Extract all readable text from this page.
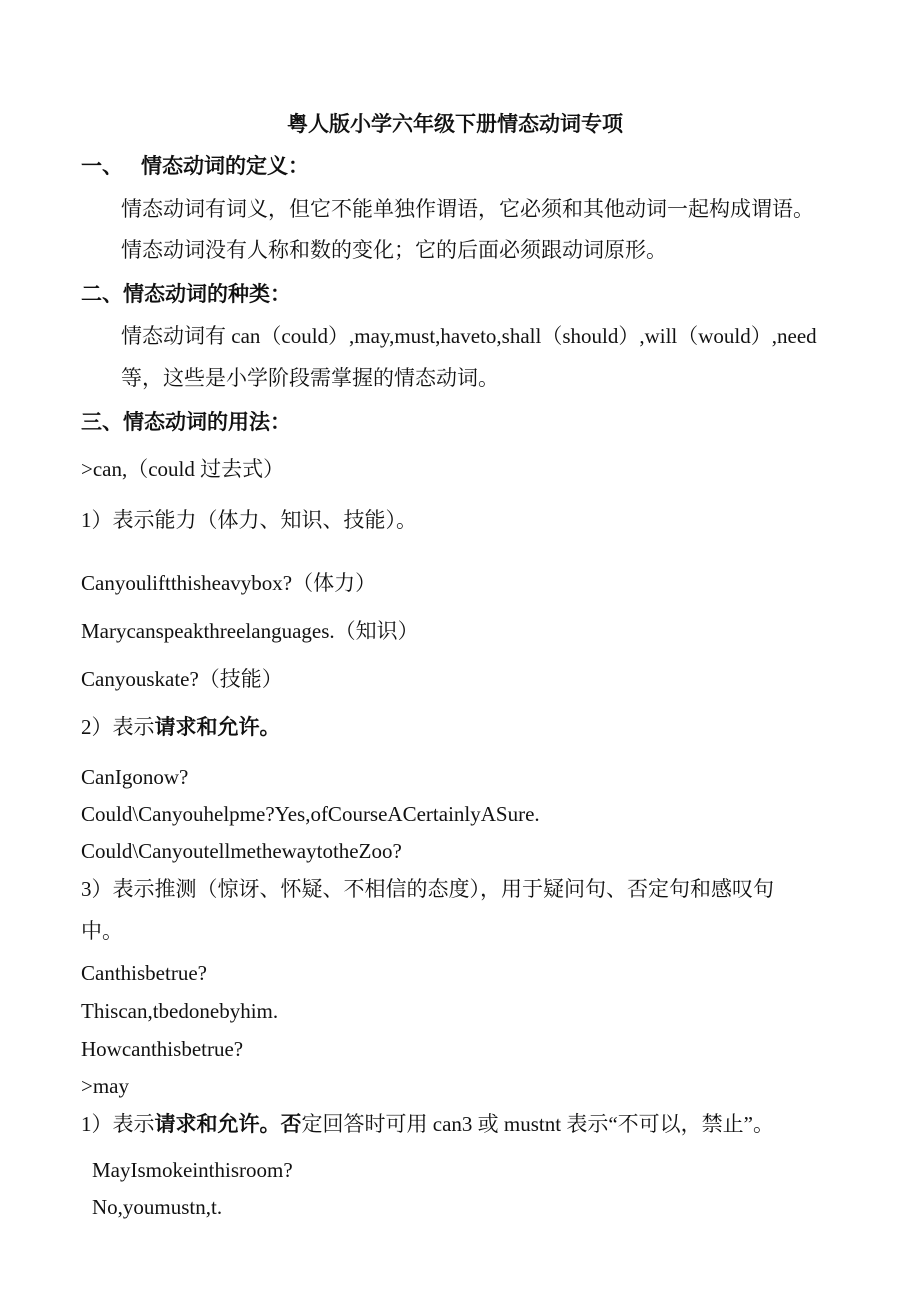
粤人版小学六年级下册情态动词专项
一、 情态动词的定义：
情态动词有词义，但它不能单独作谓语，它必须和其他动词一起构成谓语。
情态动词没有人称和数的变化；它的后面必须跟动词原形。
二、情态动词的种类：
情态动词有 can（could）,may,must,haveto,shall（should）,will（would）,need
等，这些是小学阶段需掌握的情态动词。
三、情态动词的用法：
>can,（could 过去式）
1）表示能力（体力、知识、技能）。
Canyouliftthisheavybox?（体力）
Marycanspeakthreelanguages.（知识）
Canyouskate?（技能）
2）表示请求和允许。
CanIgonow?
Could\Canyouhelpme?Yes,ofCourseACertainlyASure.
Could\CanyoutellmethewaytotheZoo?
3）表示推测（惊讶、怀疑、不相信的态度），用于疑问句、否定句和感叹句
中。
Canthisbetrue?
Thiscan,tbedonebyhim.
Howcanthisbetrue?
>may
1）表示请求和允许。否定回答时可用 can3 或 mustnt 表示“不可以，禁止”。
MayIsmokeinthisroom?
No,youmustn,t.
